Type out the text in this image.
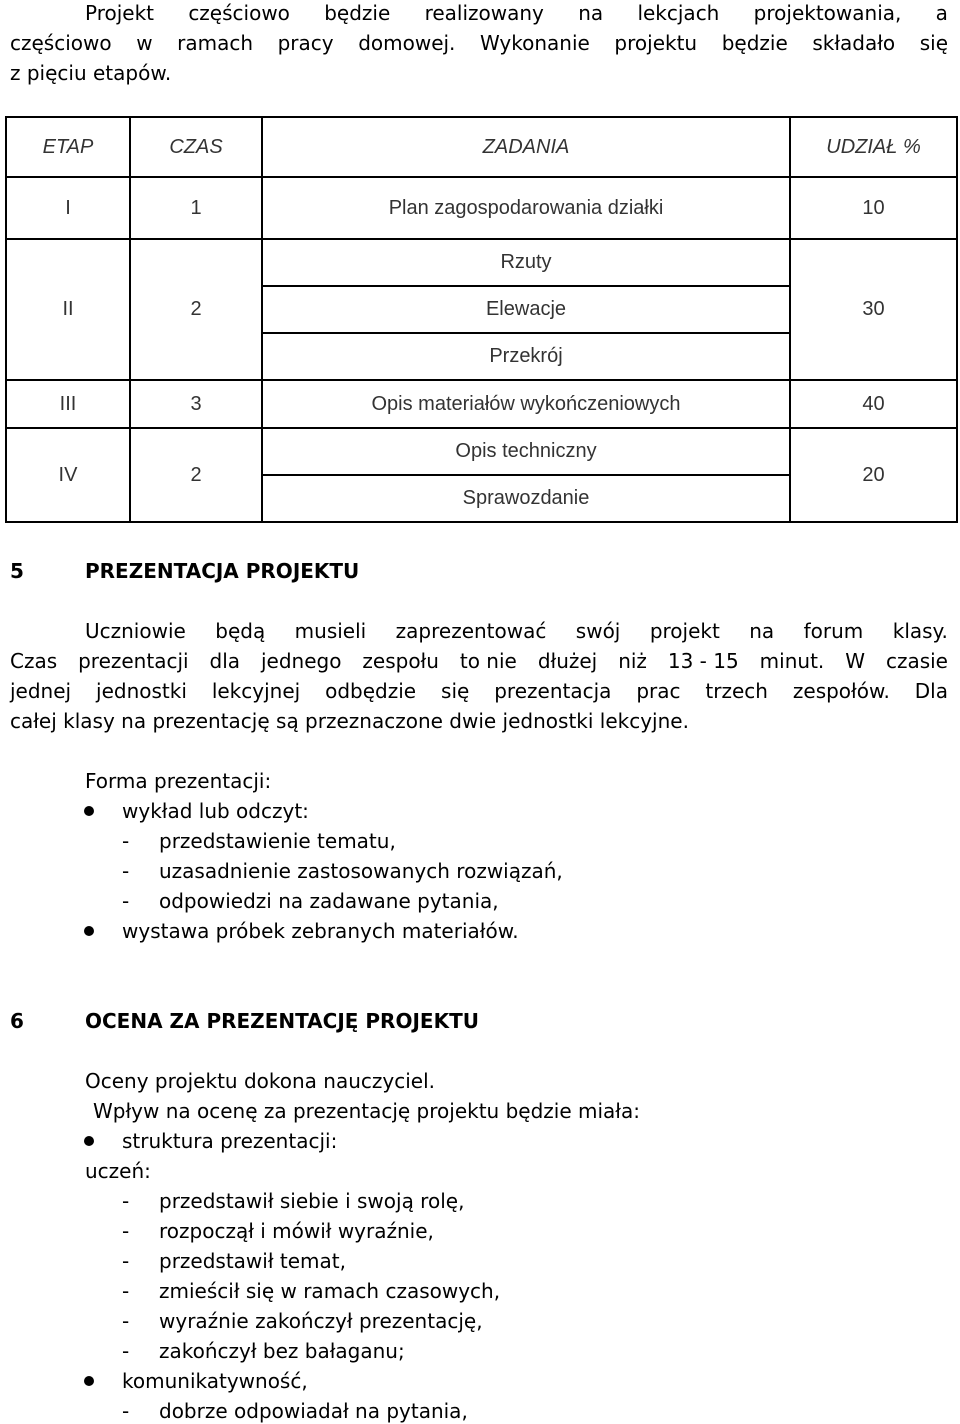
Projekt częściowo będzie realizowany na lekcjach projektowania, a
częściowo w ramach pracy domowej. Wykonanie projektu będzie składało się
z pięciu etapów.
ETAP	CZAS	ZADANIA	UDZIAŁ %
I	1	Plan zagospodarowania działki	10
II	2	Rzuty	30
		Elewacje	
		Przekrój	
III	3	Opis materiałów wykończeniowych	40
IV	2	Opis techniczny	20
		Sprawozdanie	
5	PREZENTACJA PROJEKTU
Uczniowie będą musieli zaprezentować swój projekt na forum klasy.
Czas prezentacji dla jednego zespołu to nie dłużej niż 13 - 15 minut. W czasie
jednej jednostki lekcyjnej odbędzie się prezentacja prac trzech zespołów. Dla
całej klasy na prezentację są przeznaczone dwie jednostki lekcyjne.
Forma prezentacji:
wykład lub odczyt:
- przedstawienie tematu,
- uzasadnienie zastosowanych rozwiązań,
- odpowiedzi na zadawane pytania,
wystawa próbek zebranych materiałów.
6	OCENA ZA PREZENTACJĘ PROJEKTU
Oceny projektu dokona nauczyciel.
Wpływ na ocenę za prezentację projektu będzie miała:
struktura prezentacji:
uczeń:
- przedstawił siebie i swoją rolę,
- rozpoczął i mówił wyraźnie,
- przedstawił temat,
- zmieścił się w ramach czasowych,
- wyraźnie zakończył prezentację,
- zakończył bez bałaganu;
komunikatywność,
- dobrze odpowiadał na pytania,
